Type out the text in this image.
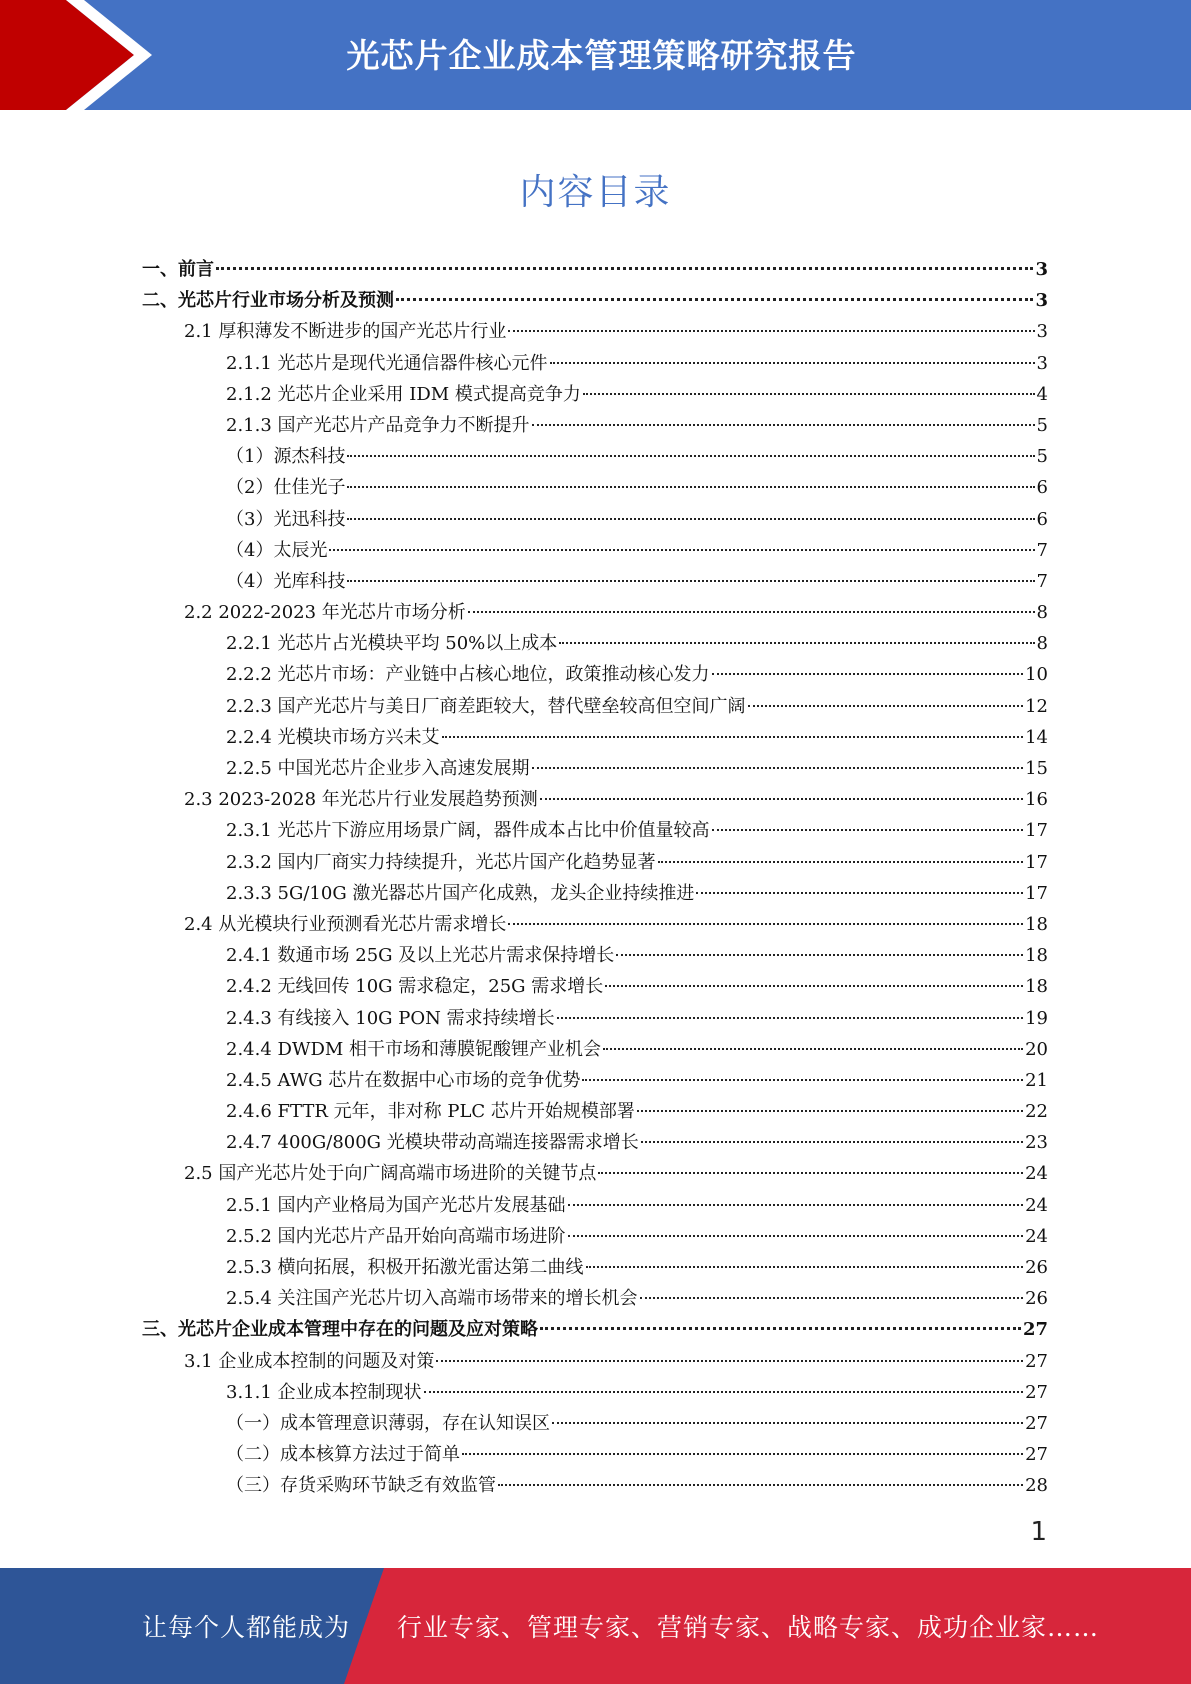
光芯片企业成本管理策略研究报告
内容目录
一、前言	3
二、光芯片行业市场分析及预测	3
2.1 厚积薄发不断进步的国产光芯片行业	3
2.1.1 光芯片是现代光通信器件核心元件	3
2.1.2 光芯片企业采用 IDM 模式提高竞争力	4
2.1.3 国产光芯片产品竞争力不断提升	5
（1）源杰科技	5
（2）仕佳光子	6
（3）光迅科技	6
（4）太辰光	7
（4）光库科技	7
2.2 2022-2023 年光芯片市场分析	8
2.2.1 光芯片占光模块平均 50%以上成本	8
2.2.2 光芯片市场：产业链中占核心地位，政策推动核心发力	10
2.2.3 国产光芯片与美日厂商差距较大，替代壁垒较高但空间广阔	12
2.2.4 光模块市场方兴未艾	14
2.2.5 中国光芯片企业步入高速发展期	15
2.3 2023-2028 年光芯片行业发展趋势预测	16
2.3.1 光芯片下游应用场景广阔，器件成本占比中价值量较高	17
2.3.2 国内厂商实力持续提升，光芯片国产化趋势显著	17
2.3.3 5G/10G 激光器芯片国产化成熟，龙头企业持续推进	17
2.4 从光模块行业预测看光芯片需求增长	18
2.4.1 数通市场 25G 及以上光芯片需求保持增长	18
2.4.2 无线回传 10G 需求稳定，25G 需求增长	18
2.4.3 有线接入 10G PON 需求持续增长	19
2.4.4 DWDM 相干市场和薄膜铌酸锂产业机会	20
2.4.5 AWG 芯片在数据中心市场的竞争优势	21
2.4.6 FTTR 元年，非对称 PLC 芯片开始规模部署	22
2.4.7 400G/800G 光模块带动高端连接器需求增长	23
2.5 国产光芯片处于向广阔高端市场进阶的关键节点	24
2.5.1 国内产业格局为国产光芯片发展基础	24
2.5.2 国内光芯片产品开始向高端市场进阶	24
2.5.3 横向拓展，积极开拓激光雷达第二曲线	26
2.5.4 关注国产光芯片切入高端市场带来的增长机会	26
三、光芯片企业成本管理中存在的问题及应对策略	27
3.1 企业成本控制的问题及对策	27
3.1.1 企业成本控制现状	27
（一）成本管理意识薄弱，存在认知误区	27
（二）成本核算方法过于简单	27
（三）存货采购环节缺乏有效监管	28
1
让每个人都能成为 行业专家、管理专家、营销专家、战略专家、成功企业家……
